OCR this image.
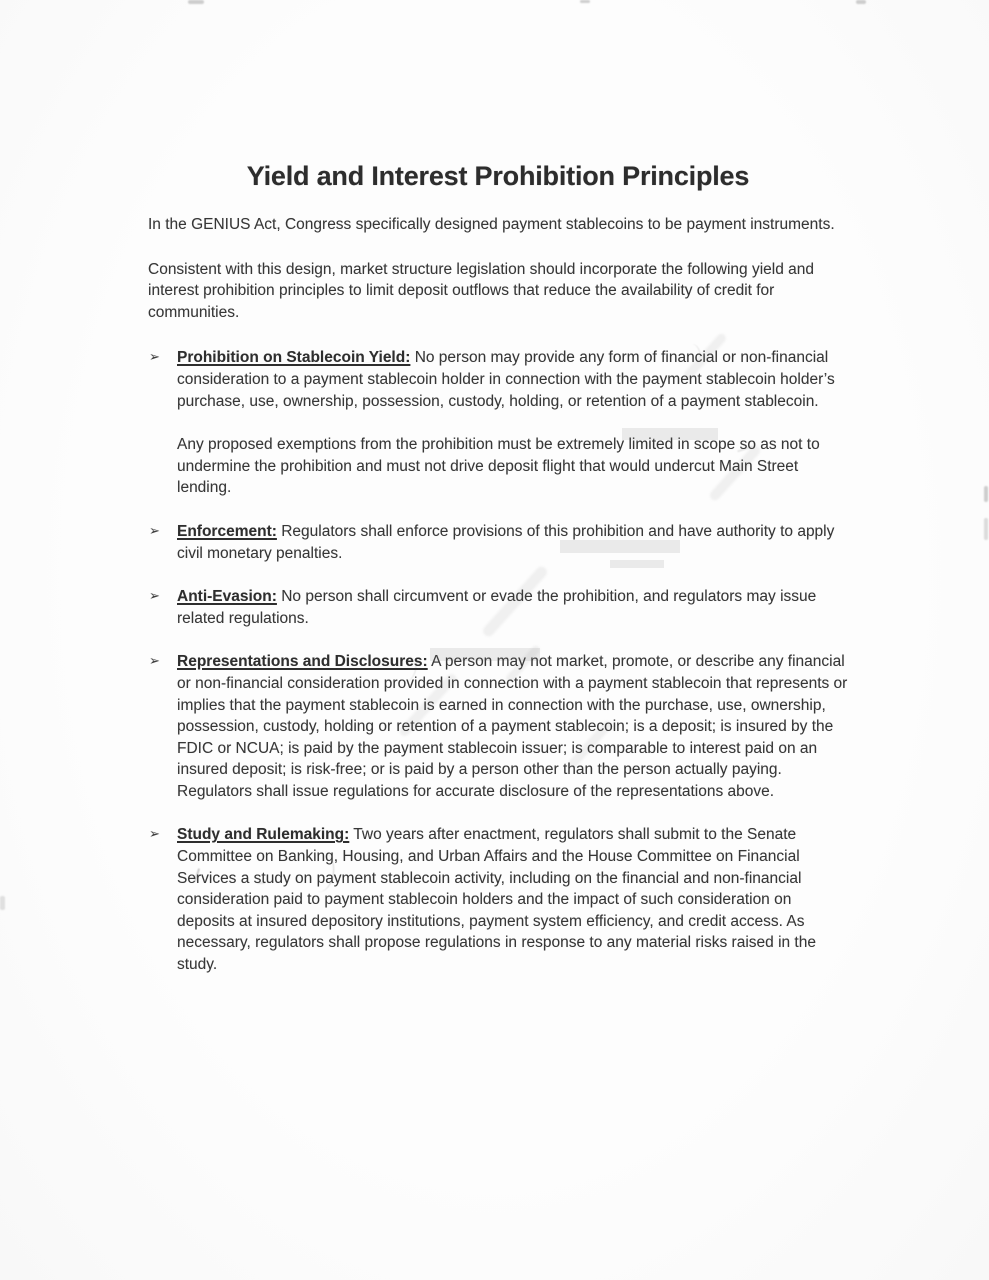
Yield and Interest Prohibition Principles

In the GENIUS Act, Congress specifically designed payment stablecoins to be payment instruments.

Consistent with this design, market structure legislation should incorporate the following yield and interest prohibition principles to limit deposit outflows that reduce the availability of credit for communities.

➢ Prohibition on Stablecoin Yield: No person may provide any form of financial or non-financial consideration to a payment stablecoin holder in connection with the payment stablecoin holder’s purchase, use, ownership, possession, custody, holding, or retention of a payment stablecoin.

Any proposed exemptions from the prohibition must be extremely limited in scope so as not to undermine the prohibition and must not drive deposit flight that would undercut Main Street lending.

➢ Enforcement: Regulators shall enforce provisions of this prohibition and have authority to apply civil monetary penalties.
➢ Anti-Evasion: No person shall circumvent or evade the prohibition, and regulators may issue related regulations.
➢ Representations and Disclosures: A person may not market, promote, or describe any financial or non-financial consideration provided in connection with a payment stablecoin that represents or implies that the payment stablecoin is earned in connection with the purchase, use, ownership, possession, custody, holding or retention of a payment stablecoin; is a deposit; is insured by the FDIC or NCUA; is paid by the payment stablecoin issuer; is comparable to interest paid on an insured deposit; is risk-free; or is paid by a person other than the person actually paying. Regulators shall issue regulations for accurate disclosure of the representations above.
➢ Study and Rulemaking: Two years after enactment, regulators shall submit to the Senate Committee on Banking, Housing, and Urban Affairs and the House Committee on Financial Services a study on payment stablecoin activity, including on the financial and non-financial consideration paid to payment stablecoin holders and the impact of such consideration on deposits at insured depository institutions, payment system efficiency, and credit access. As necessary, regulators shall propose regulations in response to any material risks raised in the study.
